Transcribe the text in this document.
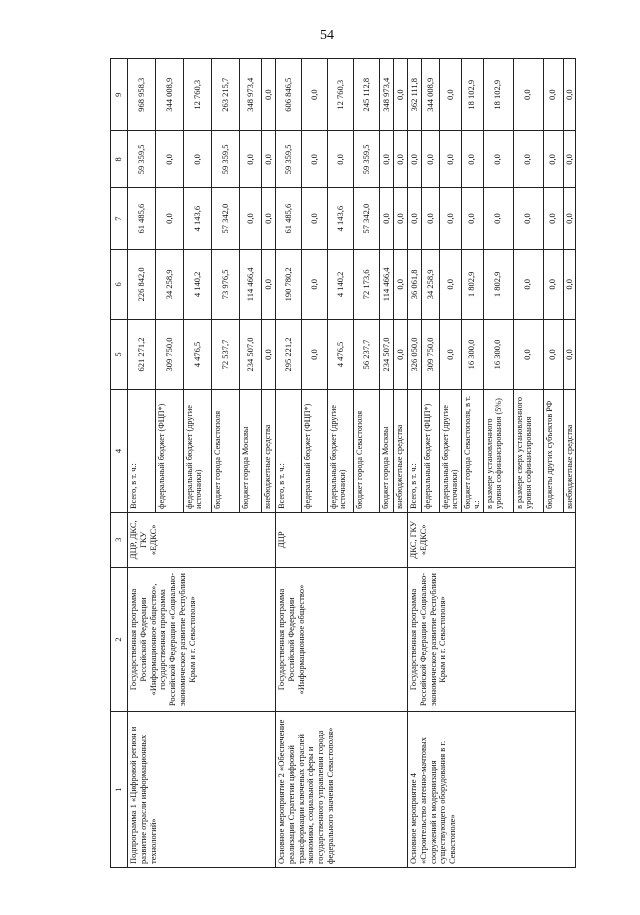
54
1	2	3	4	5	6	7	8	9
Подпрограмма 1 «Цифровой регион и развитие отрасли информационных технологий»	Государственная программа Российской Федерации «Информационное общество», государственная программа Российской Федерации «Социально-экономическое развитие Республики Крым и г. Севастополя»	ДЦР, ДКС, ГКУ «ЕДКС»	Всего, в т. ч.:	621 271,2	226 842,0	61 485,6	59 359,5	968 958,3
			федеральный бюджет (ФЦП*)	309 750,0	34 258,9	0,0	0,0	344 008,9
			федеральный бюджет (другие источники)	4 476,5	4 140,2	4 143,6	0,0	12 760,3
			бюджет города Севастополя	72 537,7	73 976,5	57 342,0	59 359,5	263 215,7
			бюджет города Москвы	234 507,0	114 466,4	0,0	0,0	348 973,4
			внебюджетные средства	0,0	0,0	0,0	0,0	0,0
Основное мероприятие 2 «Обеспечение реализации Стратегии цифровой трансформации ключевых отраслей экономики, социальной сферы и государственного управления города федерального значения Севастополя»	Государственная программа Российской Федерации «Информационное общество»	ДЦР	Всего, в т. ч.:	295 221,2	190 780,2	61 485,6	59 359,5	606 846,5
			федеральный бюджет (ФЦП*)	0,0	0,0	0,0	0,0	0,0
			федеральный бюджет (другие источники)	4 476,5	4 140,2	4 143,6	0,0	12 760,3
			бюджет города Севастополя	56 237,7	72 173,6	57 342,0	59 359,5	245 112,8
			бюджет города Москвы	234 507,0	114 466,4	0,0	0,0	348 973,4
			внебюджетные средства	0,0	0,0	0,0	0,0	0,0
Основное мероприятие 4 «Строительство антенно-мачтовых сооружений и модернизация существующего оборудования в г. Севастополе»	Государственная программа Российской Федерации «Социально-экономическое развитие Республики Крым и г. Севастополя»	ДКС, ГКУ «ЕДКС»	Всего, в т. ч.:	326 050,0	36 061,8	0,0	0,0	362 111,8
			федеральный бюджет (ФЦП*)	309 750,0	34 258,9	0,0	0,0	344 008,9
			федеральный бюджет (другие источники)	0,0	0,0	0,0	0,0	0,0
			бюджет города Севастополя, в т. ч.:	16 300,0	1 802,9	0,0	0,0	18 102,9
			в размере установленного уровня софинансирования (5%)	16 300,0	1 802,9	0,0	0,0	18 102,9
			в размере сверх установленного уровня софинансирования	0,0	0,0	0,0	0,0	0,0
			бюджеты других субъектов РФ	0,0	0,0	0,0	0,0	0,0
			внебюджетные средства	0,0	0,0	0,0	0,0	0,0
